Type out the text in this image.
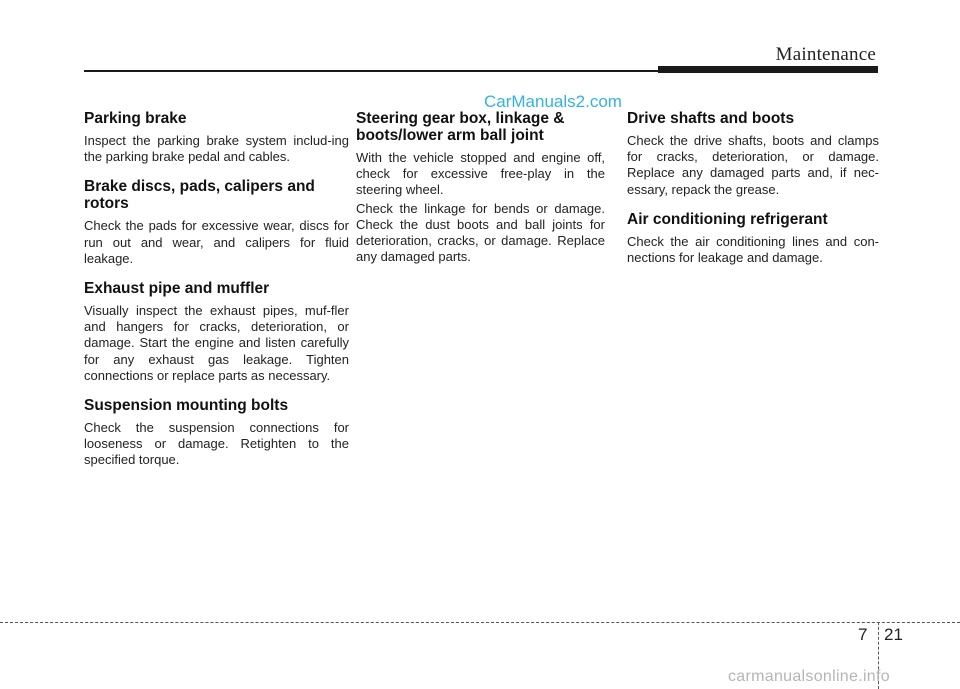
Maintenance
CarManuals2.com
Parking brake

Inspect the parking brake system includ-ing the parking brake pedal and cables.

Brake discs, pads, calipers and rotors

Check the pads for excessive wear, discs for run out and wear, and calipers for fluid leakage.

Exhaust pipe and muffler

Visually inspect the exhaust pipes, muf-fler and hangers for cracks, deterioration, or damage. Start the engine and listen carefully for any exhaust gas leakage. Tighten connections or replace parts as necessary.

Suspension mounting bolts

Check the suspension connections for looseness or damage. Retighten to the specified torque.

Steering gear box, linkage & boots/lower arm ball joint

With the vehicle stopped and engine off, check for excessive free-play in the steering wheel.

Check the linkage for bends or damage. Check the dust boots and ball joints for deterioration, cracks, or damage. Replace any damaged parts.

Drive shafts and boots

Check the drive shafts, boots and clamps for cracks, deterioration, or damage. Replace any damaged parts and, if nec-essary, repack the grease.

Air conditioning refrigerant

Check the air conditioning lines and con-nections for leakage and damage.

7 21
carmanualsonline.info
